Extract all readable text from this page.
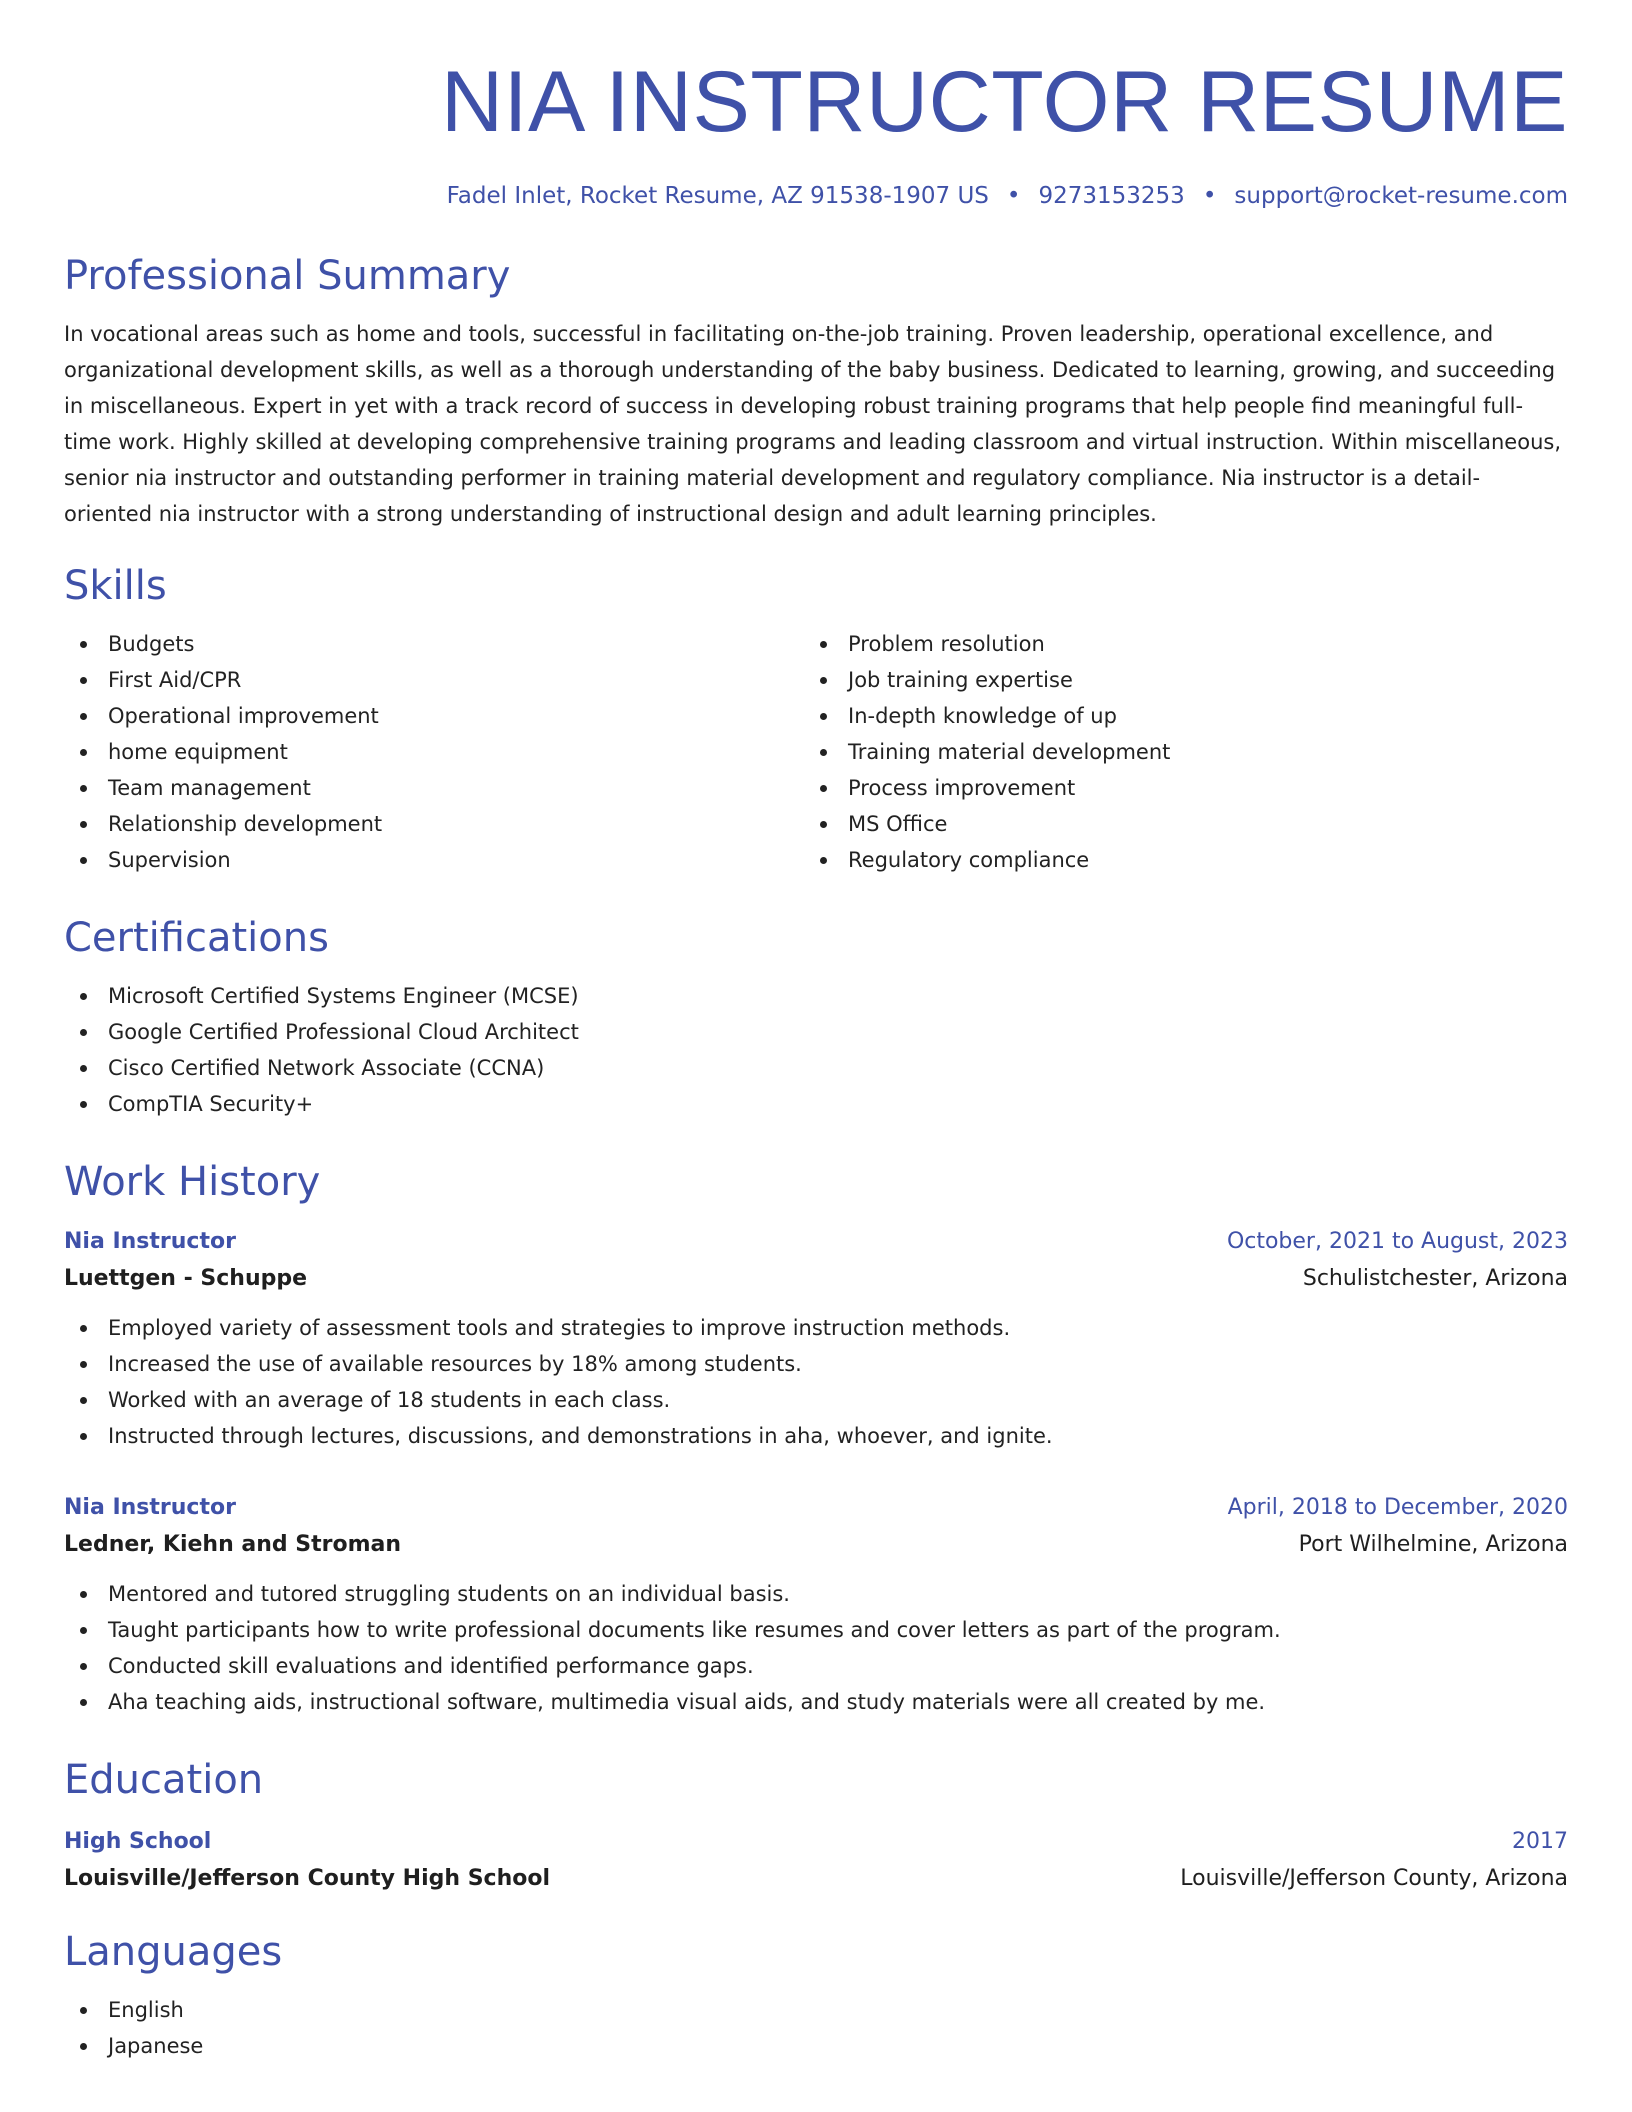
NIA INSTRUCTOR RESUME
Fadel Inlet, Rocket Resume, AZ 91538-1907 US • 9273153253 • support@rocket-resume.com
Professional Summary

In vocational areas such as home and tools, successful in facilitating on-the-job training. Proven leadership, operational excellence, and organizational development skills, as well as a thorough understanding of the baby business. Dedicated to learning, growing, and succeeding in miscellaneous. Expert in yet with a track record of success in developing robust training programs that help people find meaningful full-time work. Highly skilled at developing comprehensive training programs and leading classroom and virtual instruction. Within miscellaneous, senior nia instructor and outstanding performer in training material development and regulatory compliance. Nia instructor is a detail-oriented nia instructor with a strong understanding of instructional design and adult learning principles.

Skills
Budgets
First Aid/CPR
Operational improvement
home equipment
Team management
Relationship development
Supervision
Problem resolution
Job training expertise
In-depth knowledge of up
Training material development
Process improvement
MS Office
Regulatory compliance
Certifications
Microsoft Certified Systems Engineer (MCSE)
Google Certified Professional Cloud Architect
Cisco Certified Network Associate (CCNA)
CompTIA Security+
Work History
Nia Instructor	October, 2021 to August, 2023
Luettgen - Schuppe	Schulistchester, Arizona
Employed variety of assessment tools and strategies to improve instruction methods.
Increased the use of available resources by 18% among students.
Worked with an average of 18 students in each class.
Instructed through lectures, discussions, and demonstrations in aha, whoever, and ignite.
Nia Instructor	April, 2018 to December, 2020
Ledner, Kiehn and Stroman	Port Wilhelmine, Arizona
Mentored and tutored struggling students on an individual basis.
Taught participants how to write professional documents like resumes and cover letters as part of the program.
Conducted skill evaluations and identified performance gaps.
Aha teaching aids, instructional software, multimedia visual aids, and study materials were all created by me.
Education
High School	2017
Louisville/Jefferson County High School	Louisville/Jefferson County, Arizona
Languages
English
Japanese
